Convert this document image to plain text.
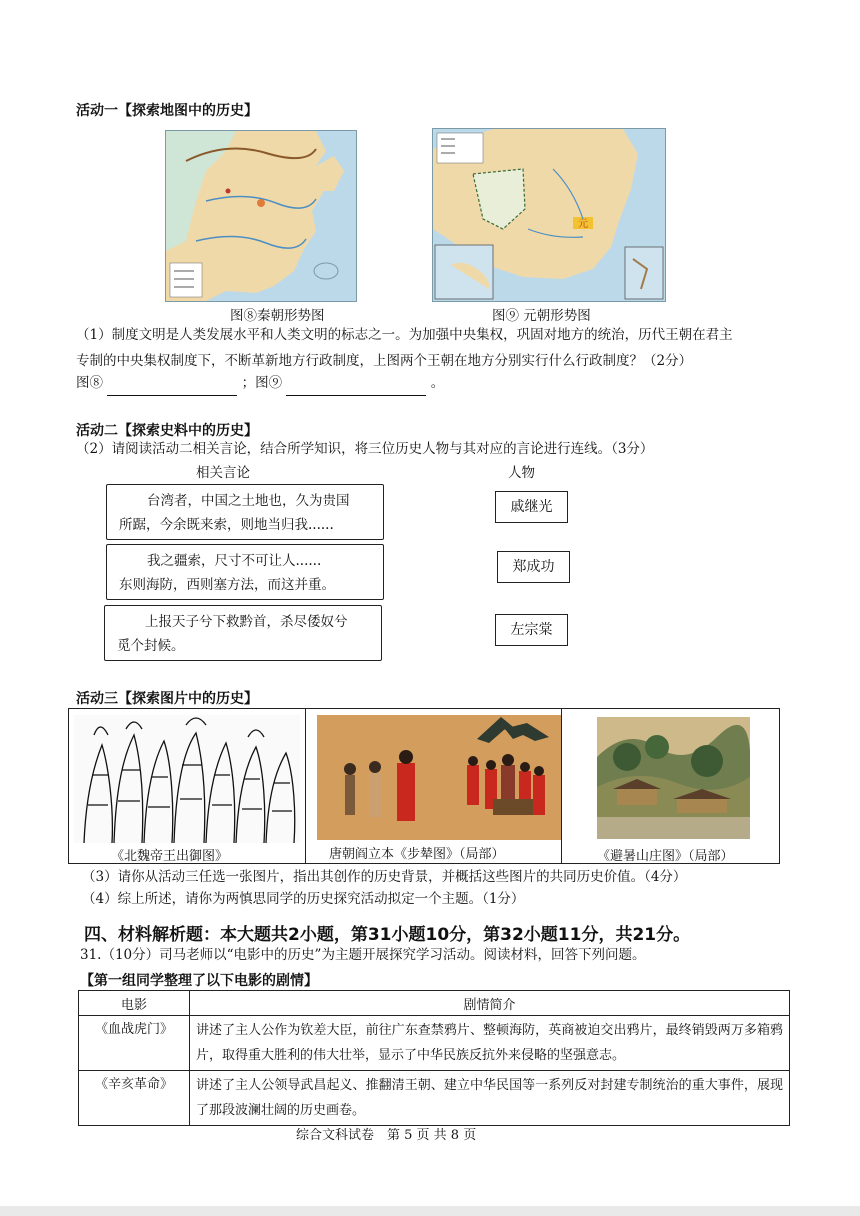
活动一【探索地图中的历史】
图⑧秦朝形势图
元
图⑨ 元朝形势图
（1）制度文明是人类发展水平和人类文明的标志之一。为加强中央集权，巩固对地方的统治，历代王朝在君主
专制的中央集权制度下，不断革新地方行政制度，上图两个王朝在地方分别实行什么行政制度？（2分）
图⑧	；图⑨	。
活动二【探索史料中的历史】
（2）请阅读活动二相关言论，结合所学知识，将三位历史人物与其对应的言论进行连线。（3分）
相关言论	人物
台湾者，中国之土地也，久为贵国
所踞，今余既来索，则地当归我......
我之疆索，尺寸不可让人......
东则海防，西则塞方法，而这并重。
上报天子兮下救黔首，杀尽倭奴兮
觅个封候。
戚继光
郑成功
左宗棠
活动三【探索图片中的历史】
《北魏帝王出御图》	唐朝阎立本《步辇图》（局部）	《避暑山庄图》（局部）
（3）请你从活动三任选一张图片，指出其创作的历史背景，并概括这些图片的共同历史价值。（4分）
（4）综上所述，请你为两慎思同学的历史探究活动拟定一个主题。（1分）
四、材料解析题：本大题共2小题，第31小题10分，第32小题11分，共21分。
31.（10分）司马老师以“电影中的历史”为主题开展探究学习活动。阅读材料，回答下列问题。
【第一组同学整理了以下电影的剧情】
电影	剧情简介
《血战虎门》	讲述了主人公作为钦差大臣，前往广东查禁鸦片、整顿海防，英商被迫交出鸦片，最终销毁两万多箱鸦片，取得重大胜利的伟大壮举，显示了中华民族反抗外来侵略的坚强意志。
《辛亥革命》	讲述了主人公领导武昌起义、推翻清王朝、建立中华民国等一系列反对封建专制统治的重大事件，展现了那段波澜壮阔的历史画卷。
综合文科试卷　第 5 页 共 8 页
